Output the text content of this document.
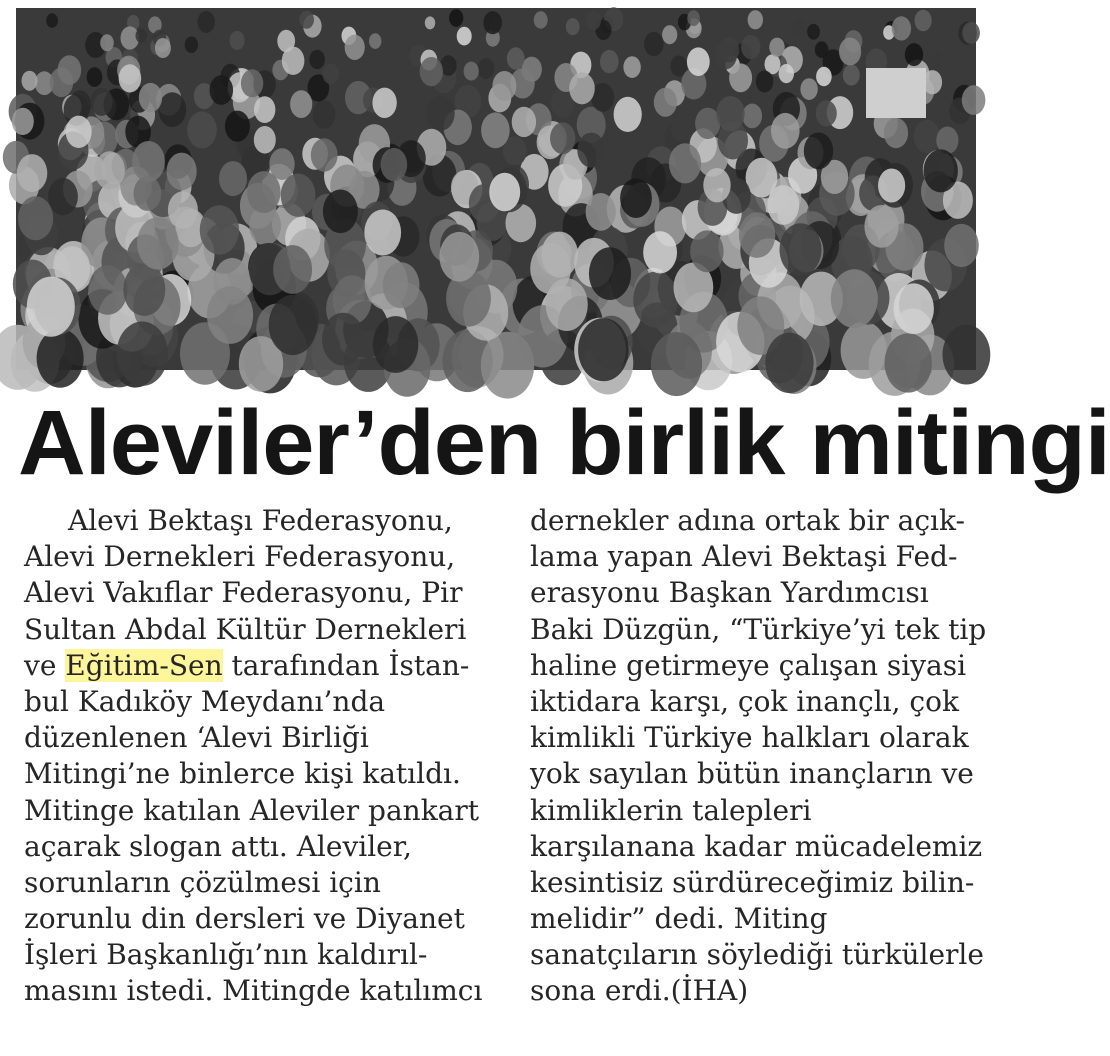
Aleviler’den birlik mitingi
Alevi Bektaşı Federasyonu,
Alevi Dernekleri Federasyonu,
Alevi Vakıflar Federasyonu, Pir
Sultan Abdal Kültür Dernekleri
ve Eğitim-Sen tarafından İstan-
bul Kadıköy Meydanı’nda
düzenlenen ‘Alevi Birliği
Mitingi’ne binlerce kişi katıldı.
Mitinge katılan Aleviler pankart
açarak slogan attı. Aleviler,
sorunların çözülmesi için
zorunlu din dersleri ve Diyanet
İşleri Başkanlığı’nın kaldırıl-
masını istedi. Mitingde katılımcı
dernekler adına ortak bir açık-
lama yapan Alevi Bektaşi Fed-
erasyonu Başkan Yardımcısı
Baki Düzgün, “Türkiye’yi tek tip
haline getirmeye çalışan siyasi
iktidara karşı, çok inançlı, çok
kimlikli Türkiye halkları olarak
yok sayılan bütün inançların ve
kimliklerin talepleri
karşılanana kadar mücadelemiz
kesintisiz sürdüreceğimiz bilin-
melidir” dedi. Miting
sanatçıların söylediği türkülerle
sona erdi.(İHA)
